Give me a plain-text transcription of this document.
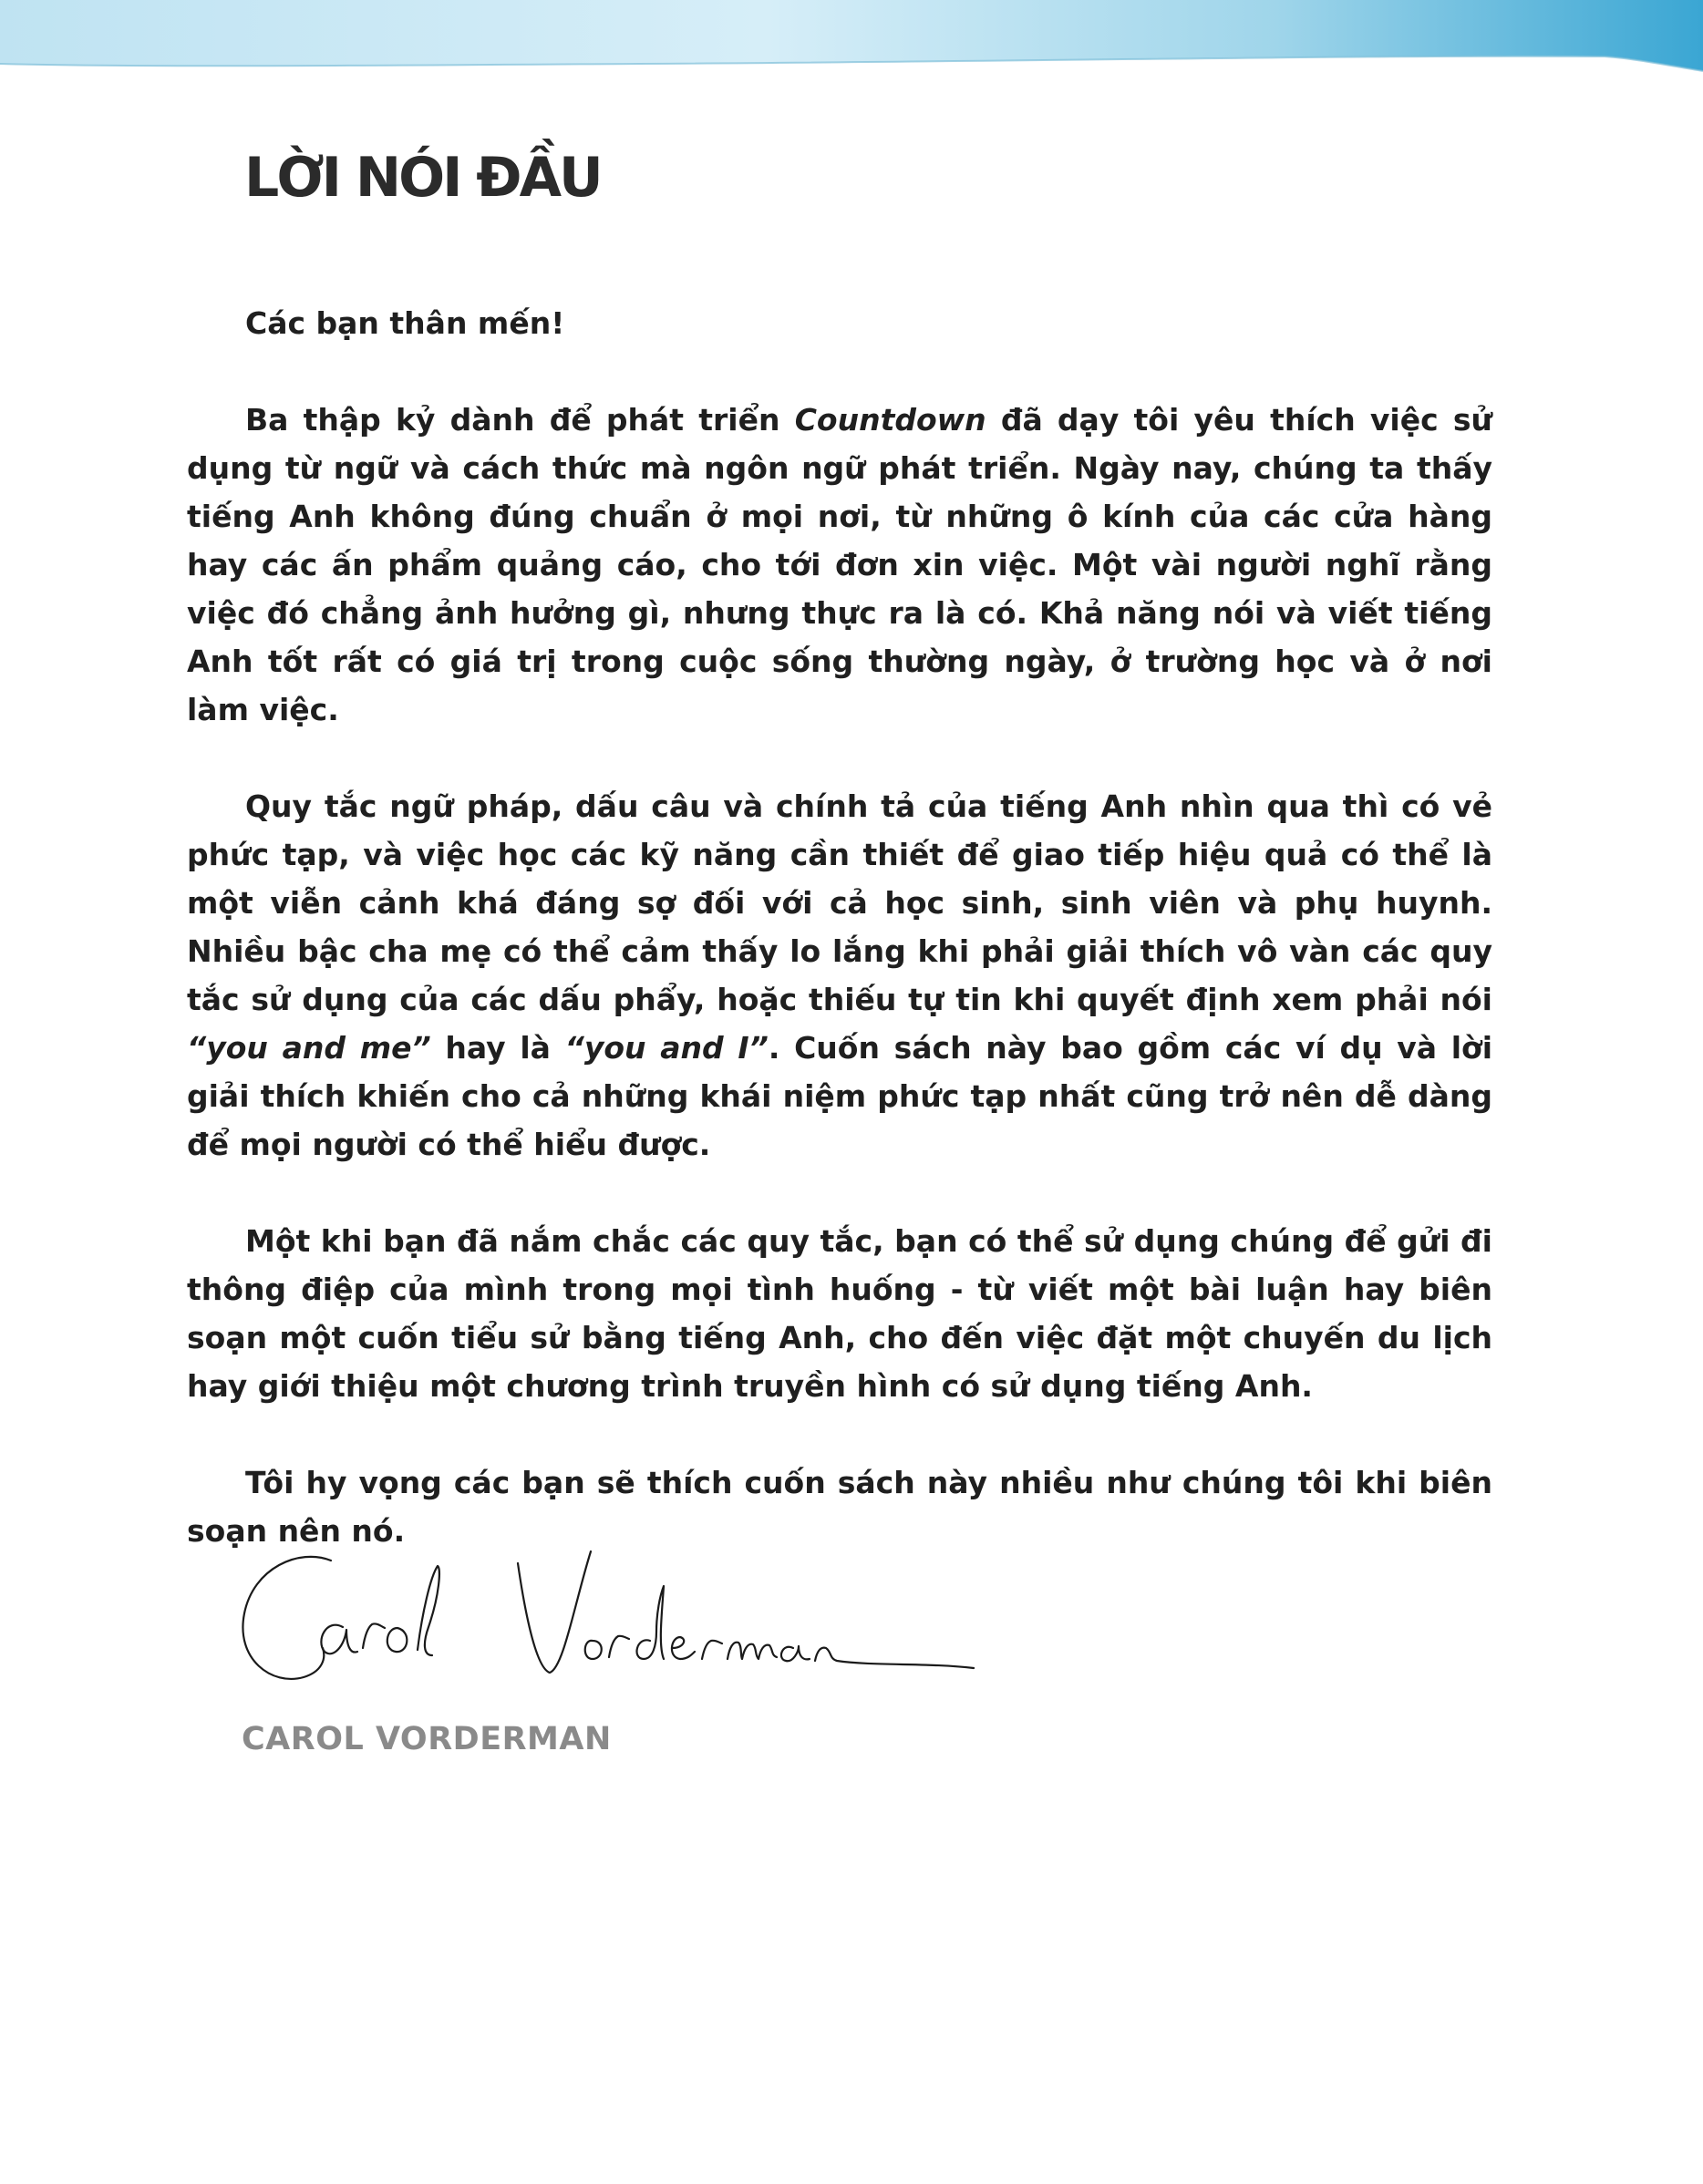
LỜI NÓI ĐẦU

Các bạn thân mến!

Ba thập kỷ dành để phát triển Countdown đã dạy tôi yêu thích việc sử dụng từ ngữ và cách thức mà ngôn ngữ phát triển. Ngày nay, chúng ta thấy tiếng Anh không đúng chuẩn ở mọi nơi, từ những ô kính của các cửa hàng hay các ấn phẩm quảng cáo, cho tới đơn xin việc. Một vài người nghĩ rằng việc đó chẳng ảnh hưởng gì, nhưng thực ra là có. Khả năng nói và viết tiếng Anh tốt rất có giá trị trong cuộc sống thường ngày, ở trường học và ở nơi làm việc.

Quy tắc ngữ pháp, dấu câu và chính tả của tiếng Anh nhìn qua thì có vẻ phức tạp, và việc học các kỹ năng cần thiết để giao tiếp hiệu quả có thể là một viễn cảnh khá đáng sợ đối với cả học sinh, sinh viên và phụ huynh. Nhiều bậc cha mẹ có thể cảm thấy lo lắng khi phải giải thích vô vàn các quy tắc sử dụng của các dấu phẩy, hoặc thiếu tự tin khi quyết định xem phải nói “you and me” hay là “you and I”. Cuốn sách này bao gồm các ví dụ và lời giải thích khiến cho cả những khái niệm phức tạp nhất cũng trở nên dễ dàng để mọi người có thể hiểu được.

Một khi bạn đã nắm chắc các quy tắc, bạn có thể sử dụng chúng để gửi đi thông điệp của mình trong mọi tình huống - từ viết một bài luận hay biên soạn một cuốn tiểu sử bằng tiếng Anh, cho đến việc đặt một chuyến du lịch hay giới thiệu một chương trình truyền hình có sử dụng tiếng Anh.

Tôi hy vọng các bạn sẽ thích cuốn sách này nhiều như chúng tôi khi biên soạn nên nó.

CAROL VORDERMAN
